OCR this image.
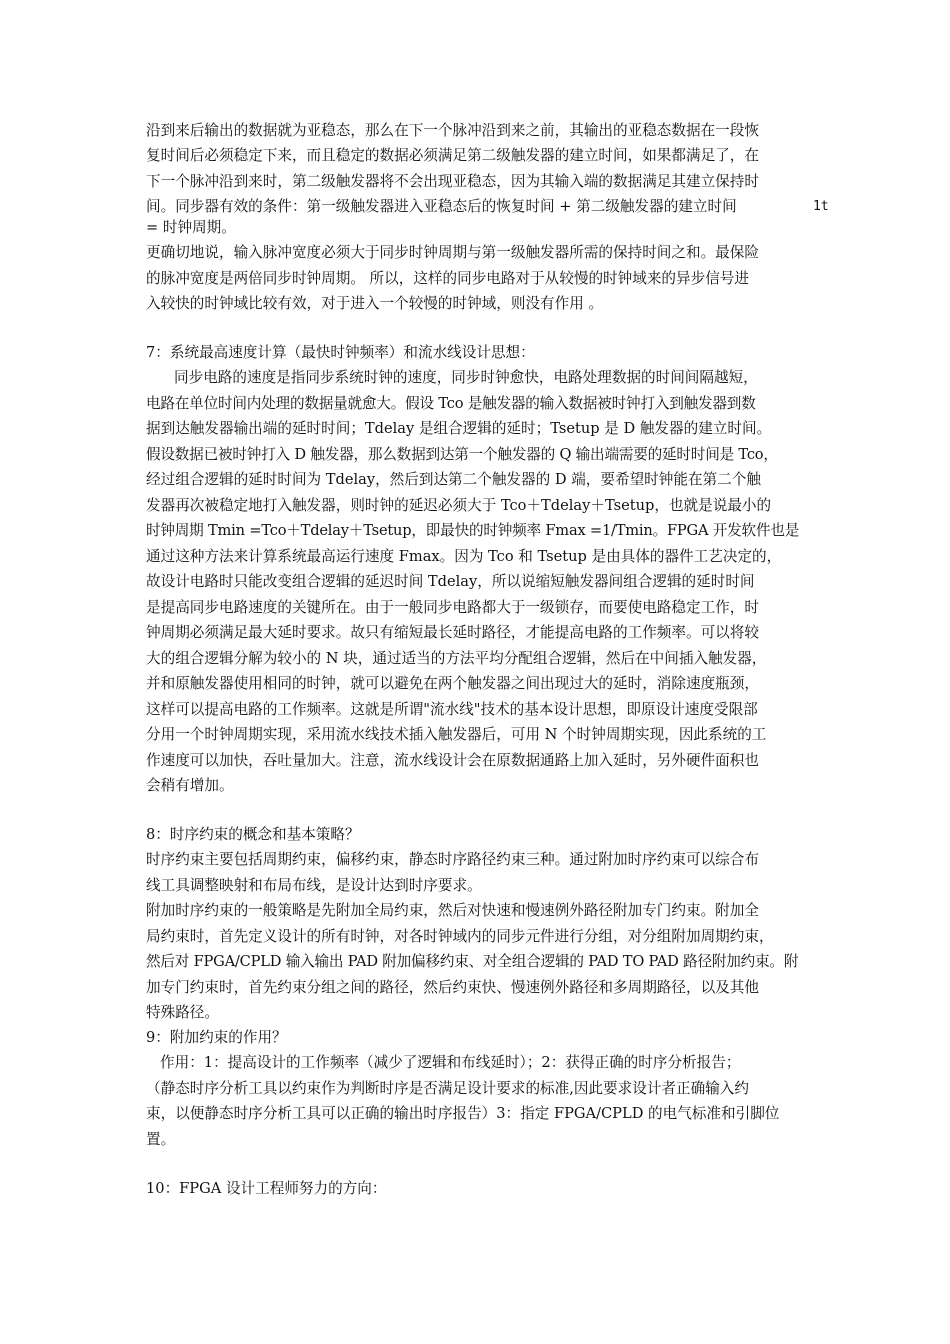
沿到来后输出的数据就为亚稳态，那么在下一个脉冲沿到来之前，其输出的亚稳态数据在一段恢
复时间后必须稳定下来，而且稳定的数据必须满足第二级触发器的建立时间，如果都满足了，在
下一个脉冲沿到来时，第二级触发器将不会出现亚稳态，因为其输入端的数据满足其建立保持时
间。同步器有效的条件：第一级触发器进入亚稳态后的恢复时间 + 第二级触发器的建立时间	1t
= 时钟周期。
更确切地说，输入脉冲宽度必须大于同步时钟周期与第一级触发器所需的保持时间之和。最保险
的脉冲宽度是两倍同步时钟周期。 所以，这样的同步电路对于从较慢的时钟域来的异步信号进
入较快的时钟域比较有效，对于进入一个较慢的时钟域，则没有作用 。
7：系统最高速度计算（最快时钟频率）和流水线设计思想：
同步电路的速度是指同步系统时钟的速度，同步时钟愈快，电路处理数据的时间间隔越短，
电路在单位时间内处理的数据量就愈大。假设 Tco 是触发器的输入数据被时钟打入到触发器到数
据到达触发器输出端的延时时间；Tdelay 是组合逻辑的延时；Tsetup 是 D 触发器的建立时间。
假设数据已被时钟打入 D 触发器，那么数据到达第一个触发器的 Q 输出端需要的延时时间是 Tco，
经过组合逻辑的延时时间为 Tdelay，然后到达第二个触发器的 D 端，要希望时钟能在第二个触
发器再次被稳定地打入触发器，则时钟的延迟必须大于 Tco＋Tdelay＋Tsetup，也就是说最小的
时钟周期 Tmin =Tco＋Tdelay＋Tsetup，即最快的时钟频率 Fmax =1/Tmin。FPGA 开发软件也是
通过这种方法来计算系统最高运行速度 Fmax。因为 Tco 和 Tsetup 是由具体的器件工艺决定的，
故设计电路时只能改变组合逻辑的延迟时间 Tdelay，所以说缩短触发器间组合逻辑的延时时间
是提高同步电路速度的关键所在。由于一般同步电路都大于一级锁存，而要使电路稳定工作，时
钟周期必须满足最大延时要求。故只有缩短最长延时路径，才能提高电路的工作频率。可以将较
大的组合逻辑分解为较小的 N 块，通过适当的方法平均分配组合逻辑，然后在中间插入触发器，
并和原触发器使用相同的时钟，就可以避免在两个触发器之间出现过大的延时，消除速度瓶颈，
这样可以提高电路的工作频率。这就是所谓"流水线"技术的基本设计思想，即原设计速度受限部
分用一个时钟周期实现，采用流水线技术插入触发器后，可用 N 个时钟周期实现，因此系统的工
作速度可以加快，吞吐量加大。注意，流水线设计会在原数据通路上加入延时，另外硬件面积也
会稍有增加。
8：时序约束的概念和基本策略？
时序约束主要包括周期约束，偏移约束，静态时序路径约束三种。通过附加时序约束可以综合布
线工具调整映射和布局布线，是设计达到时序要求。
附加时序约束的一般策略是先附加全局约束，然后对快速和慢速例外路径附加专门约束。附加全
局约束时，首先定义设计的所有时钟，对各时钟域内的同步元件进行分组，对分组附加周期约束，
然后对 FPGA/CPLD 输入输出 PAD 附加偏移约束、对全组合逻辑的 PAD TO PAD 路径附加约束。附
加专门约束时，首先约束分组之间的路径，然后约束快、慢速例外路径和多周期路径，以及其他
特殊路径。
9：附加约束的作用？
作用：1：提高设计的工作频率（减少了逻辑和布线延时）；2：获得正确的时序分析报告；
（静态时序分析工具以约束作为判断时序是否满足设计要求的标准,因此要求设计者正确输入约
束，以便静态时序分析工具可以正确的输出时序报告）3：指定 FPGA/CPLD 的电气标准和引脚位
置。
10：FPGA 设计工程师努力的方向：
